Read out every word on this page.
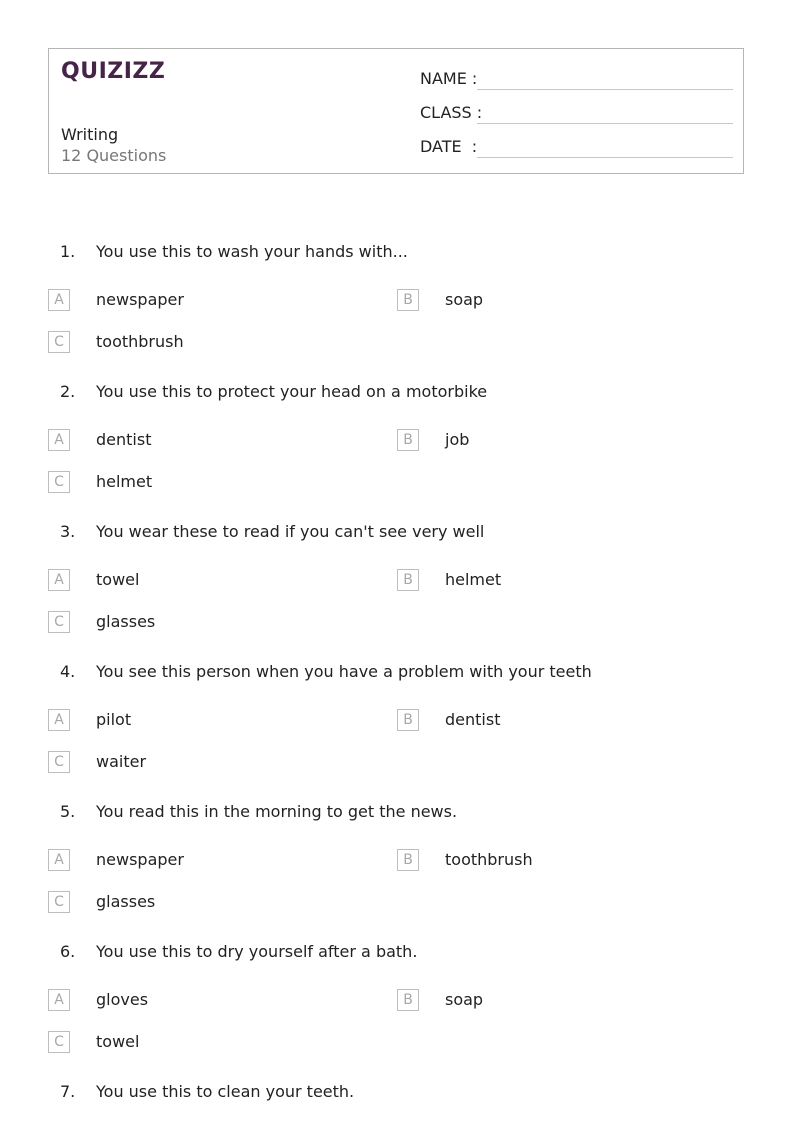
QUIZIZZ
Writing
12 Questions
NAME :
CLASS :
DATE  :
1. You use this to wash your hands with...
A	newspaper	B	soap
C	toothbrush
2. You use this to protect your head on a motorbike
A	dentist	B	job
C	helmet
3. You wear these to read if you can't see very well
A	towel	B	helmet
C	glasses
4. You see this person when you have a problem with your teeth
A	pilot	B	dentist
C	waiter
5. You read this in the morning to get the news.
A	newspaper	B	toothbrush
C	glasses
6. You use this to dry yourself after a bath.
A	gloves	B	soap
C	towel
7. You use this to clean your teeth.
